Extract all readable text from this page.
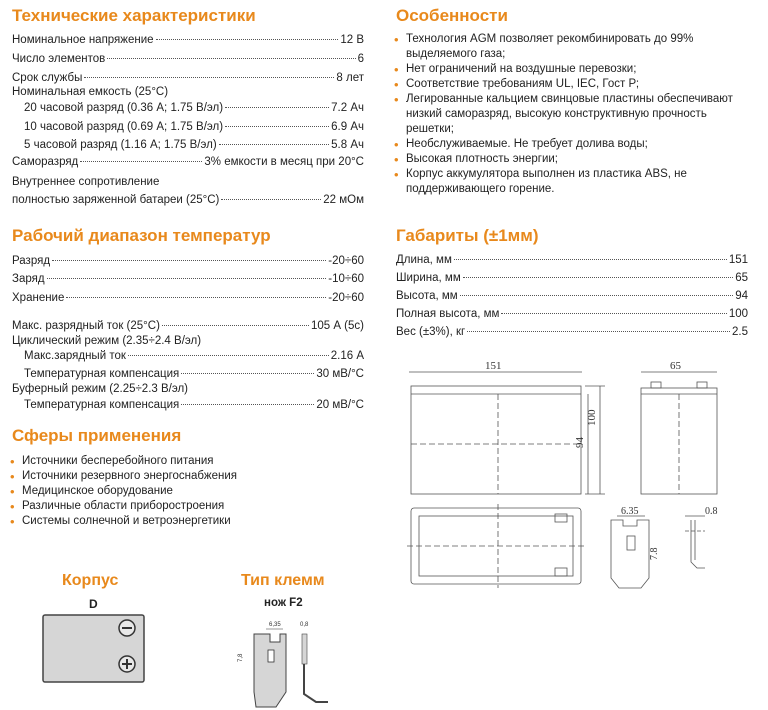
Технические характеристики
Номинальное напряжение	12 В
Число элементов	6
Срок службы	8 лет
Номинальная емкость (25°C)
20 часовой разряд (0.36 А; 1.75 В/эл)	7.2 Ач
10 часовой разряд (0.69 А; 1.75 В/эл)	6.9 Ач
5 часовой разряд (1.16 А; 1.75 В/эл)	5.8 Ач
Саморазряд	3% емкости в месяц при 20°C
Внутреннее сопротивление
полностью заряженной батареи (25°C)	22 мОм
Рабочий диапазон температур
Разряд	-20÷60
Заряд	-10÷60
Хранение	-20÷60
Макс. разрядный ток (25°C)	105 А (5с)
Циклический режим (2.35÷2.4 В/эл)
Макс.зарядный ток	2.16 А
Температурная компенсация	30 мВ/°C
Буферный режим (2.25÷2.3 В/эл)
Температурная компенсация	20 мВ/°C
Сферы применения
• Источники бесперебойного питания
• Источники резервного энергоснабжения
• Медицинское оборудование
• Различные области приборостроения
• Системы солнечной и ветроэнергетики
Корпус
D
Тип клемм
нож F2
6,35	0,8
7,8
Особенности
• Технология AGM позволяет рекомбинировать до 99% выделяемого газа;
• Нет ограничений на воздушные перевозки;
• Соответствие требованиям UL, IEC, Гост Р;
• Легированные кальцием свинцовые пластины обеспечивают низкий саморазряд, высокую конструктивную прочность решетки;
• Необслуживаемые. Не требует долива воды;
• Высокая плотность энергии;
• Корпус аккумулятора выполнен из пластика ABS, не поддерживающего горение.
Габариты (±1мм)
Длина, мм	151
Ширина, мм	65
Высота, мм	94
Полная высота, мм	100
Вес (±3%), кг	2.5
151
94
100
65
6.35
7.8
0.8
